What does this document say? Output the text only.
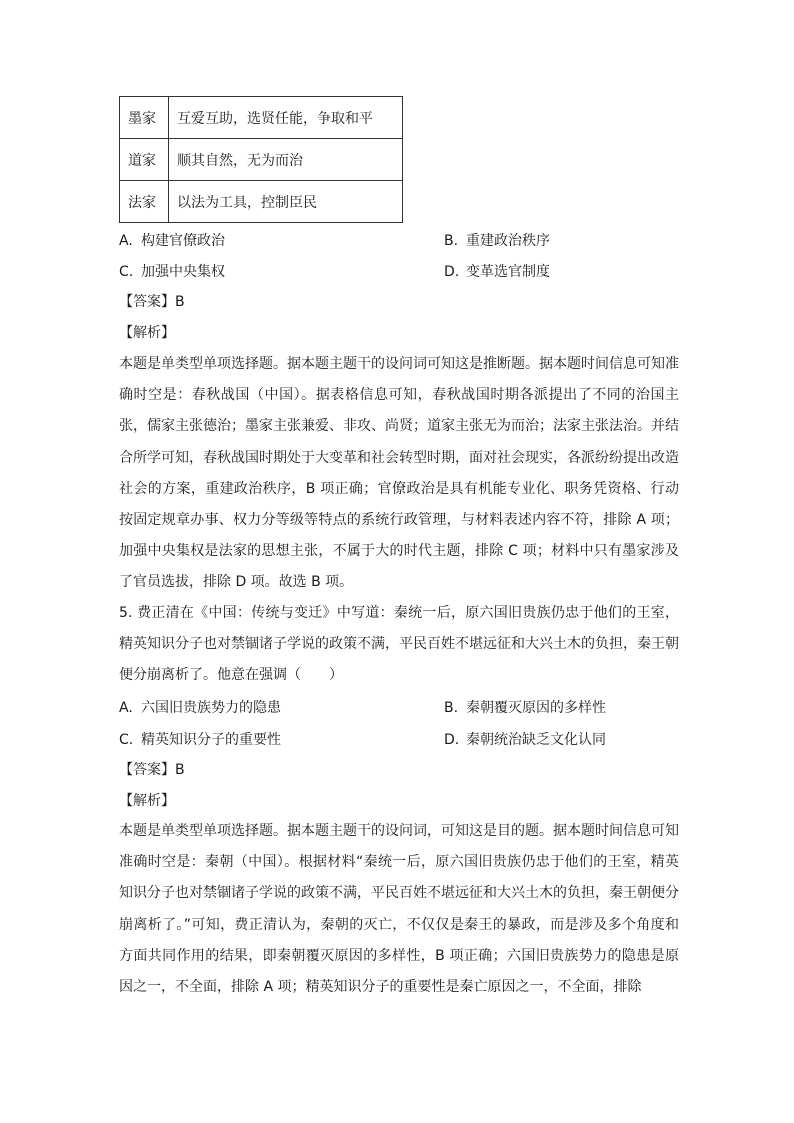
墨家	互爱互助，选贤任能，争取和平
道家	顺其自然，无为而治
法家	以法为工具，控制臣民
A. 构建官僚政治	B. 重建政治秩序
C. 加强中央集权	D. 变革选官制度
【答案】B
【解析】
本题是单类型单项选择题。据本题主题干的设问词可知这是推断题。据本题时间信息可知准确时空是：春秋战国（中国）。据表格信息可知，春秋战国时期各派提出了不同的治国主张，儒家主张德治；墨家主张兼爱、非攻、尚贤；道家主张无为而治；法家主张法治。并结合所学可知，春秋战国时期处于大变革和社会转型时期，面对社会现实，各派纷纷提出改造社会的方案，重建政治秩序，B 项正确；官僚政治是具有机能专业化、职务凭资格、行动按固定规章办事、权力分等级等特点的系统行政管理，与材料表述内容不符，排除 A 项；加强中央集权是法家的思想主张，不属于大的时代主题，排除 C 项；材料中只有墨家涉及了官员选拔，排除 D 项。故选 B 项。
5. 费正清在《中国：传统与变迁》中写道：秦统一后，原六国旧贵族仍忠于他们的王室，精英知识分子也对禁锢诸子学说的政策不满，平民百姓不堪远征和大兴土木的负担，秦王朝便分崩离析了。他意在强调（　　）
A. 六国旧贵族势力的隐患	B. 秦朝覆灭原因的多样性
C. 精英知识分子的重要性	D. 秦朝统治缺乏文化认同
【答案】B
【解析】
本题是单类型单项选择题。据本题主题干的设问词，可知这是目的题。据本题时间信息可知准确时空是：秦朝（中国）。根据材料“秦统一后，原六国旧贵族仍忠于他们的王室，精英知识分子也对禁锢诸子学说的政策不满，平民百姓不堪远征和大兴土木的负担，秦王朝便分崩离析了。”可知，费正清认为，秦朝的灭亡，不仅仅是秦王的暴政，而是涉及多个角度和方面共同作用的结果，即秦朝覆灭原因的多样性，B 项正确；六国旧贵族势力的隐患是原因之一，不全面，排除 A 项；精英知识分子的重要性是秦亡原因之一，不全面，排除
